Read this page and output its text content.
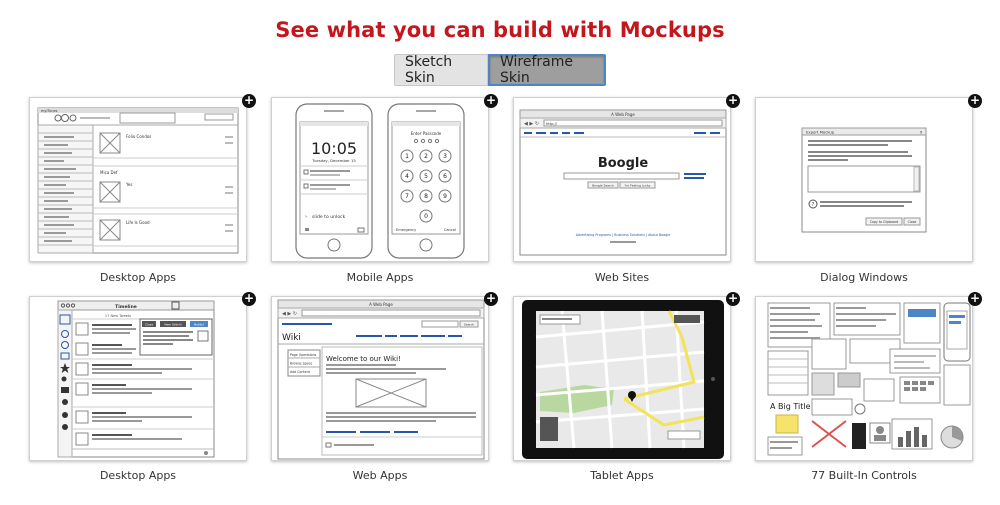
See what you can build with Mockups
Sketch Skin
Wireframe Skin
myiTunes
Folio Condos
Mica Def
Yes
Life Is Good
+
Desktop Apps
10:05
Tuesday, December 15
slide to unlock
›
Enter Passcode
1	2	3
4	5	6
7	8	9
0
Emergency	Cancel
+
Mobile Apps
A Web Page
◀ ▶ ↻ http://
Boogle
Boogle Search	I'm Feeling Lucky
Advertising Programs | Business Solutions | About Boogle
+
Web Sites
Export Mockup	x
?
Copy to Clipboard	Close
+
Dialog Windows
Timeline
17 New Tweets
Close	New Stitch!	Notify!
+
Desktop Apps
A Web Page
◀ ▶ ↻
Search
Wiki
Page Operations
Browse Space
Add Content
Welcome to our Wiki!
+
Web Apps
+
Tablet Apps
A Big Title
+
77 Built-In Controls
